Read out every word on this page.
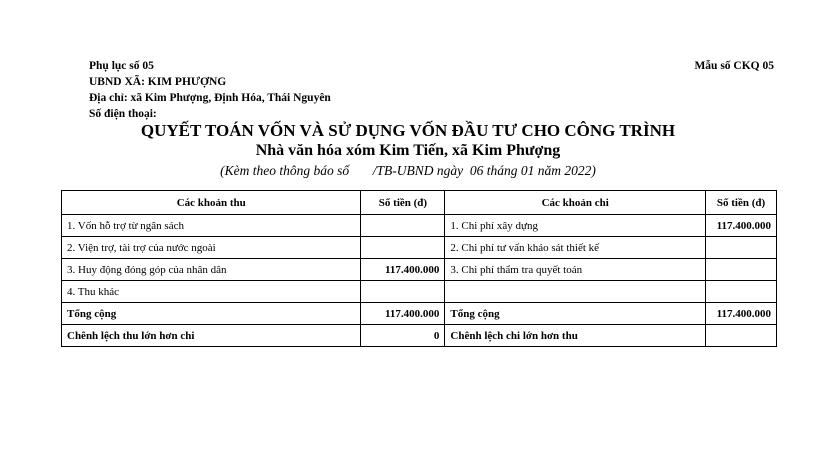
Phụ lục số 05
UBND XÃ: KIM PHƯỢNG
Địa chỉ: xã Kim Phượng, Định Hóa, Thái Nguyên
Số điện thoại:
Mẫu số CKQ 05
QUYẾT TOÁN VỐN VÀ SỬ DỤNG VỐN ĐẦU TƯ CHO CÔNG TRÌNH
Nhà văn hóa xóm Kim Tiến, xã Kim Phượng
(Kèm theo thông báo số       /TB-UBND ngày  06 tháng 01 năm 2022)
Các khoản thu	Số tiền (đ)	Các khoản chi	Số tiền (đ)
1. Vốn hỗ trợ từ ngân sách		1. Chi phí xây dựng	117.400.000
2. Viện trợ, tài trợ của nước ngoài		2. Chi phí tư vấn khảo sát thiết kế	
3. Huy động đóng góp của nhân dân	117.400.000	3. Chi phí thẩm tra quyết toán	
4. Thu khác			
Tổng cộng	117.400.000	Tổng cộng	117.400.000
Chênh lệch thu lớn hơn chi	0	Chênh lệch chi lớn hơn thu	
